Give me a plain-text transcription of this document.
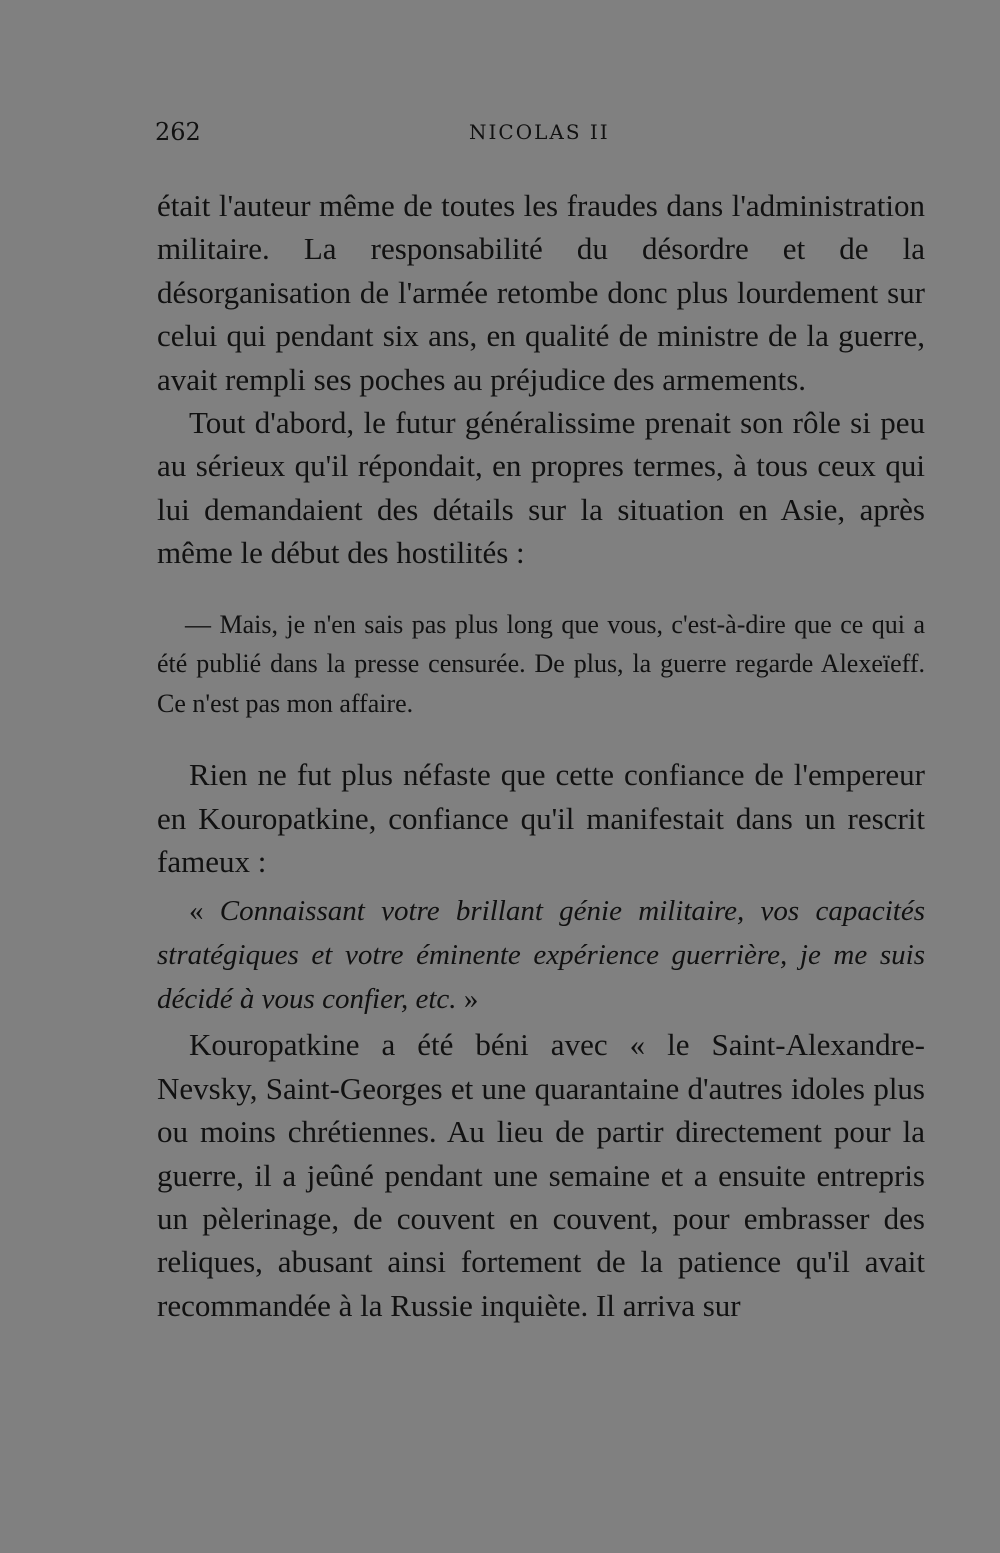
262	NICOLAS II

était l'auteur même de toutes les fraudes dans l'administration militaire. La responsabilité du désordre et de la désorganisation de l'armée retombe donc plus lourdement sur celui qui pendant six ans, en qualité de ministre de la guerre, avait rempli ses poches au préjudice des armements.

Tout d'abord, le futur généralissime prenait son rôle si peu au sérieux qu'il répondait, en propres termes, à tous ceux qui lui demandaient des détails sur la situation en Asie, après même le début des hostilités :

— Mais, je n'en sais pas plus long que vous, c'est-à-dire que ce qui a été publié dans la presse censurée. De plus, la guerre regarde Alexeïeff. Ce n'est pas mon affaire.

Rien ne fut plus néfaste que cette confiance de l'empereur en Kouropatkine, confiance qu'il manifestait dans un rescrit fameux :

« Connaissant votre brillant génie militaire, vos capacités stratégiques et votre éminente expérience guerrière, je me suis décidé à vous confier, etc. »

Kouropatkine a été béni avec « le Saint-Alexandre-Nevsky, Saint-Georges et une quarantaine d'autres idoles plus ou moins chrétiennes. Au lieu de partir directement pour la guerre, il a jeûné pendant une semaine et a ensuite entrepris un pèlerinage, de couvent en couvent, pour embrasser des reliques, abusant ainsi fortement de la patience qu'il avait recommandée à la Russie inquiète. Il arriva sur
